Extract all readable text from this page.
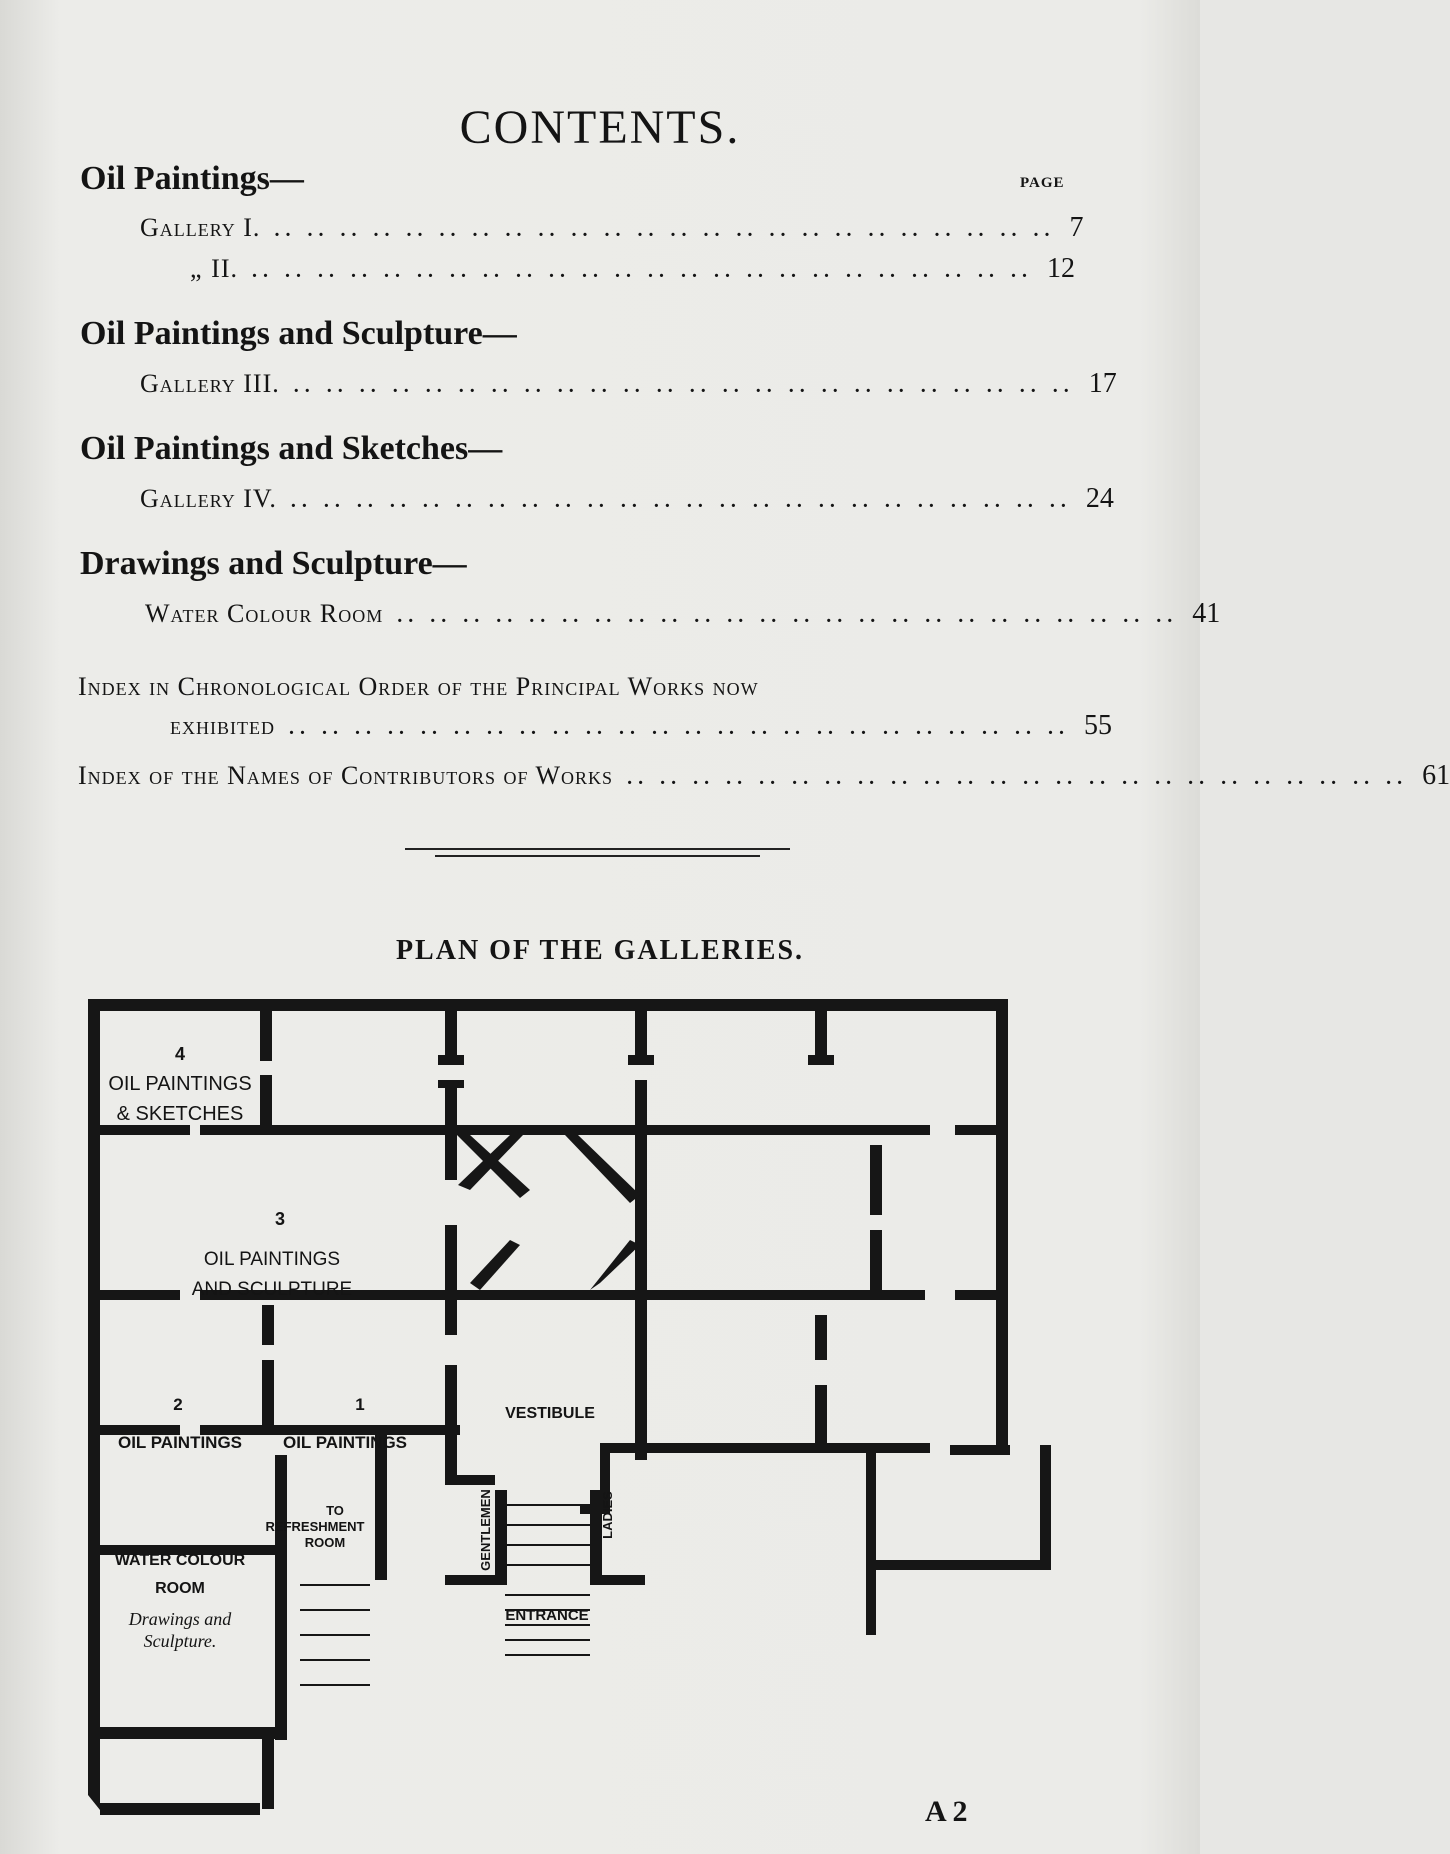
CONTENTS.
Oil Paintings—	PAGE
Gallery I. .. .. .. .. .. .. .. .. .. .. .. .. .. .. .. .. .. .. .. .. .. .. .. .. 7
„ II. .. .. .. .. .. .. .. .. .. .. .. .. .. .. .. .. .. .. .. .. .. .. .. .. 12
Oil Paintings and Sculpture—
Gallery III. .. .. .. .. .. .. .. .. .. .. .. .. .. .. .. .. .. .. .. .. .. .. .. .. 17
Oil Paintings and Sketches—
Gallery IV. .. .. .. .. .. .. .. .. .. .. .. .. .. .. .. .. .. .. .. .. .. .. .. .. 24
Drawings and Sculpture—
Water Colour Room .. .. .. .. .. .. .. .. .. .. .. .. .. .. .. .. .. .. .. .. .. .. .. .. 41
Index in Chronological Order of the Principal Works now
exhibited .. .. .. .. .. .. .. .. .. .. .. .. .. .. .. .. .. .. .. .. .. .. .. .. 55
Index of the Names of Contributors of Works .. .. .. .. .. .. .. .. .. .. .. .. .. .. .. .. .. .. .. .. .. .. .. .. 61
PLAN OF THE GALLERIES.
4
OIL PAINTINGS
& SKETCHES
3
OIL PAINTINGS
AND SCULPTURE
2
OIL PAINTINGS
1
OIL PAINTINGS
VESTIBULE
GENTLEMEN	LADIES
ENTRANCE
TO
REFRESHMENT
ROOM
WATER COLOUR
ROOM
Drawings and
Sculpture.
A 2
